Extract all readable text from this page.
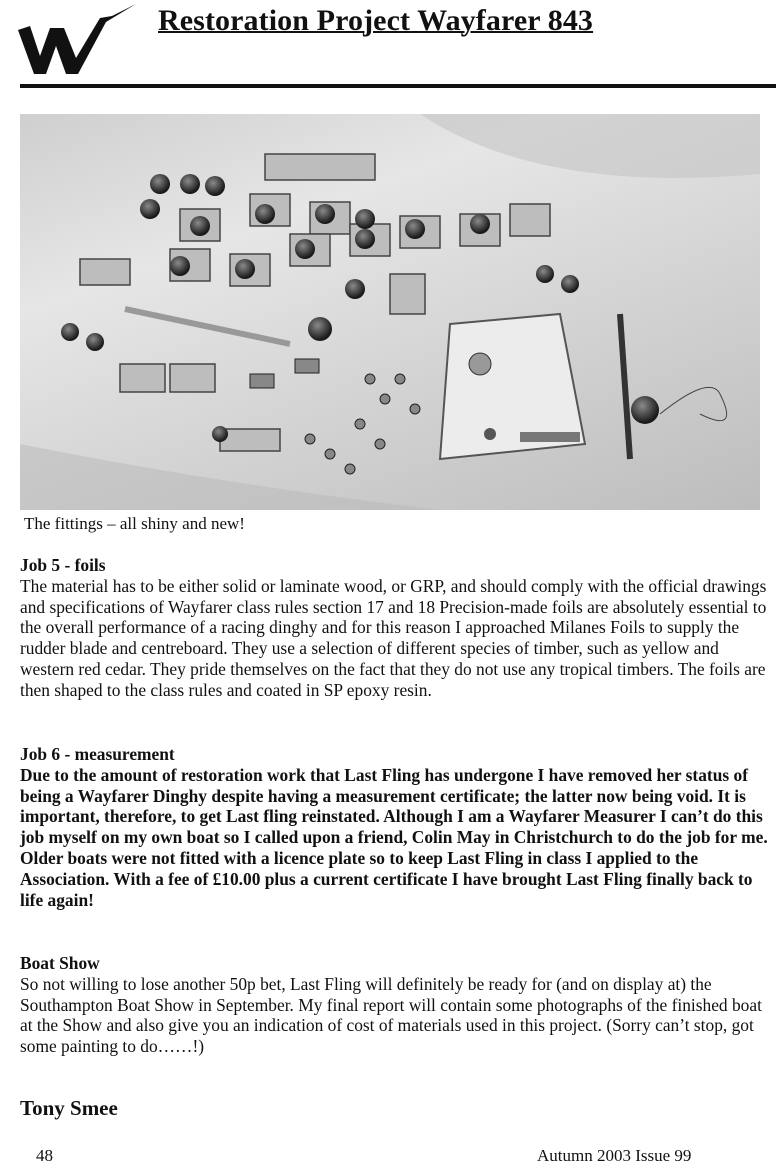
Restoration Project Wayfarer 843

The fittings – all shiny and new!

Job 5 - foils

The material has to be either solid or laminate wood, or GRP, and should comply with the official drawings and specifications of Wayfarer class rules section 17 and 18 Precision-made foils are absolutely essential to the overall performance of a racing dinghy and for this reason I approached Milanes Foils to supply the rudder blade and centreboard. They use a selection of different species of timber, such as yellow and western red cedar. They pride themselves on the fact that they do not use any tropical timbers. The foils are then shaped to the class rules and coated in SP epoxy resin.

Job 6 - measurement

Due to the amount of restoration work that Last Fling has undergone I have removed her status of being a Wayfarer Dinghy despite having a measurement certificate; the latter now being void. It is important, therefore, to get Last fling reinstated. Although I am a Wayfarer Measurer I can’t do this job myself on my own boat so I called upon a friend, Colin May in Christchurch to do the job for me. Older boats were not fitted with a licence plate so to keep Last Fling in class I applied to the Association. With a fee of £10.00 plus a current certificate I have brought Last Fling finally back to life again!

Boat Show

So not willing to lose another 50p bet, Last Fling will definitely be ready for (and on display at) the Southampton Boat Show in September. My final report will contain some photographs of the finished boat at the Show and also give you an indication of cost of materials used in this project. (Sorry can’t stop, got some painting to do……!)

Tony Smee

48	Autumn 2003 Issue 99
